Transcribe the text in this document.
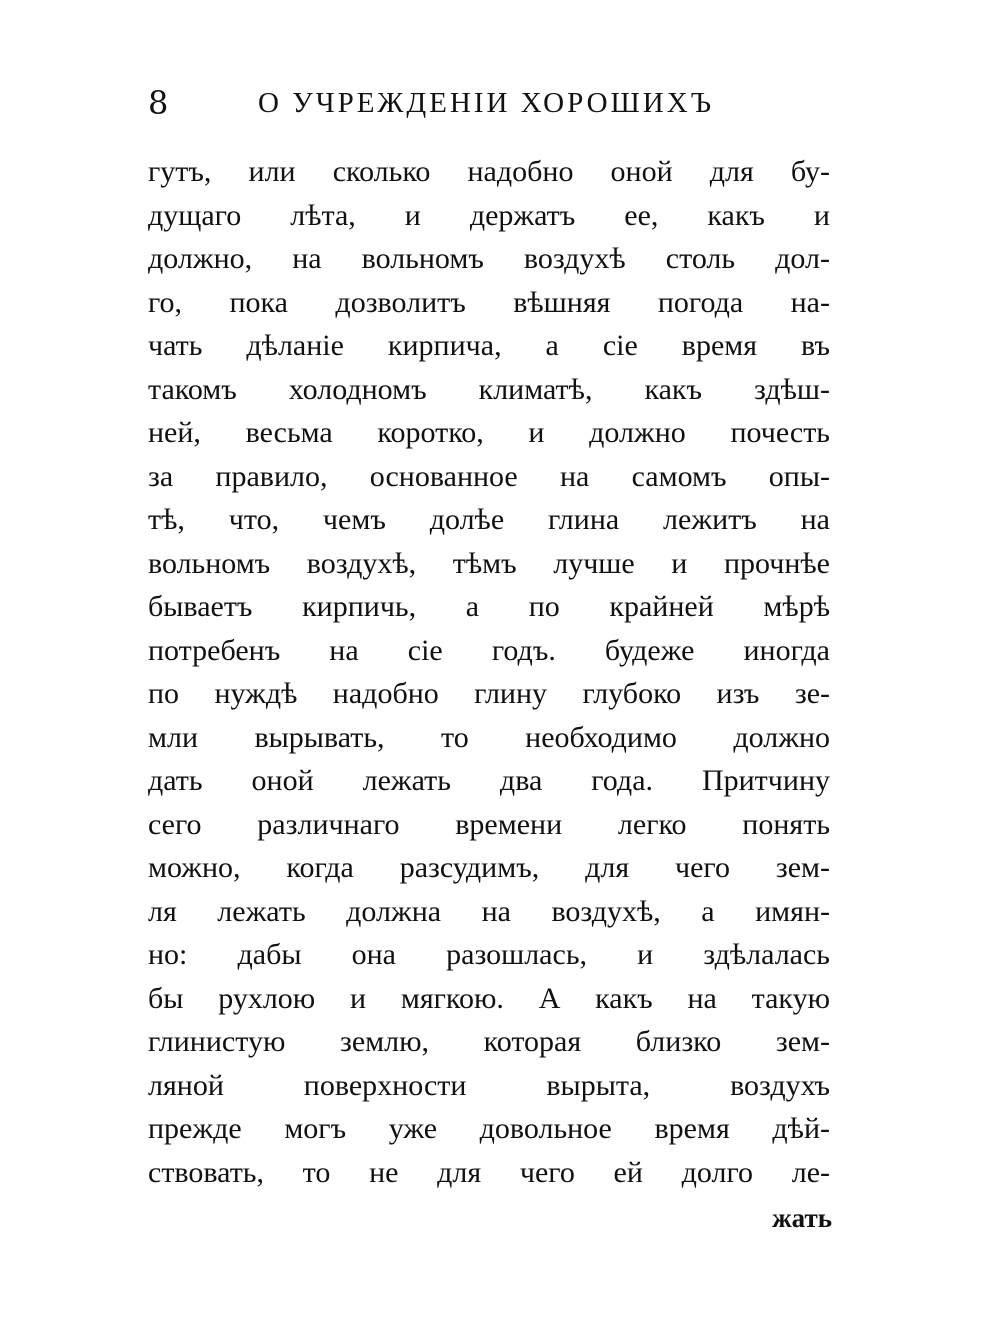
8	О УЧРЕЖДЕНІИ ХОРОШИХЪ
гутъ, или сколько надобно оной для бу-
дущаго лѣта, и держатъ ее, какъ и
должно, на вольномъ воздухѣ столь дол-
го, пока дозволитъ вѣшняя погода на-
чать дѣланіе кирпича, а сіе время въ
такомъ холодномъ климатѣ, какъ здѣш-
ней, весьма коротко, и должно почесть
за правило, основанное на самомъ опы-
тѣ, что, чемъ долѣе глина лежитъ на
вольномъ воздухѣ, тѣмъ лучше и прочнѣе
бываетъ кирпичь, а по крайней мѣрѣ
потребенъ на сіе годъ. будеже иногда
по нуждѣ надобно глину глубоко изъ зе-
мли вырывать, то необходимо должно
дать оной лежать два года. Притчину
сего различнаго времени легко понять
можно, когда разсудимъ, для чего зем-
ля лежать должна на воздухѣ, а имян-
но: дабы она разошлась, и здѣлалась
бы рухлою и мягкою. А какъ на такую
глинистую землю, которая близко зем-
ляной поверхности вырыта, воздухъ
прежде могъ уже довольное время дѣй-
ствовать, то не для чего ей долго ле-
жать
